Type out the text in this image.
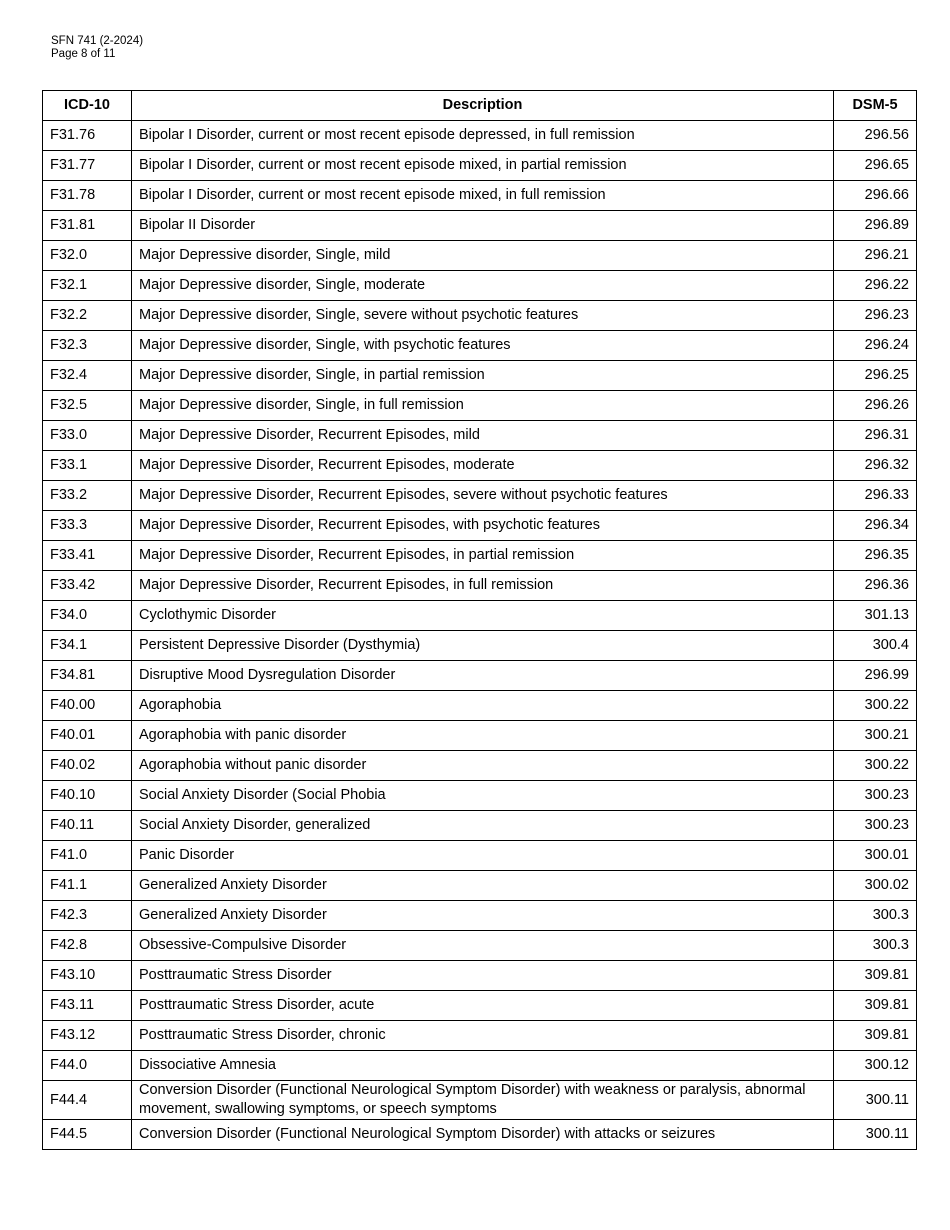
SFN 741 (2-2024)
Page 8 of 11
ICD-10	Description	DSM-5
F31.76	Bipolar I Disorder, current or most recent episode depressed, in full remission	296.56
F31.77	Bipolar I Disorder, current or most recent episode mixed, in partial remission	296.65
F31.78	Bipolar I Disorder, current or most recent episode mixed, in full remission	296.66
F31.81	Bipolar II Disorder	296.89
F32.0	Major Depressive disorder, Single, mild	296.21
F32.1	Major Depressive disorder, Single, moderate	296.22
F32.2	Major Depressive disorder, Single, severe without psychotic features	296.23
F32.3	Major Depressive disorder, Single, with psychotic features	296.24
F32.4	Major Depressive disorder, Single, in partial remission	296.25
F32.5	Major Depressive disorder, Single, in full remission	296.26
F33.0	Major Depressive Disorder, Recurrent Episodes, mild	296.31
F33.1	Major Depressive Disorder, Recurrent Episodes, moderate	296.32
F33.2	Major Depressive Disorder, Recurrent Episodes, severe without psychotic features	296.33
F33.3	Major Depressive Disorder, Recurrent Episodes, with psychotic features	296.34
F33.41	Major Depressive Disorder, Recurrent Episodes, in partial remission	296.35
F33.42	Major Depressive Disorder, Recurrent Episodes, in full remission	296.36
F34.0	Cyclothymic Disorder	301.13
F34.1	Persistent Depressive Disorder (Dysthymia)	300.4
F34.81	Disruptive Mood Dysregulation Disorder	296.99
F40.00	Agoraphobia	300.22
F40.01	Agoraphobia with panic disorder	300.21
F40.02	Agoraphobia without panic disorder	300.22
F40.10	Social Anxiety Disorder (Social Phobia	300.23
F40.11	Social Anxiety Disorder, generalized	300.23
F41.0	Panic Disorder	300.01
F41.1	Generalized Anxiety Disorder	300.02
F42.3	Generalized Anxiety Disorder	300.3
F42.8	Obsessive-Compulsive Disorder	300.3
F43.10	Posttraumatic Stress Disorder	309.81
F43.11	Posttraumatic Stress Disorder, acute	309.81
F43.12	Posttraumatic Stress Disorder, chronic	309.81
F44.0	Dissociative Amnesia	300.12
F44.4	Conversion Disorder (Functional Neurological Symptom Disorder) with weakness or paralysis, abnormal movement, swallowing symptoms, or speech symptoms	300.11
F44.5	Conversion Disorder (Functional Neurological Symptom Disorder) with attacks or seizures	300.11
